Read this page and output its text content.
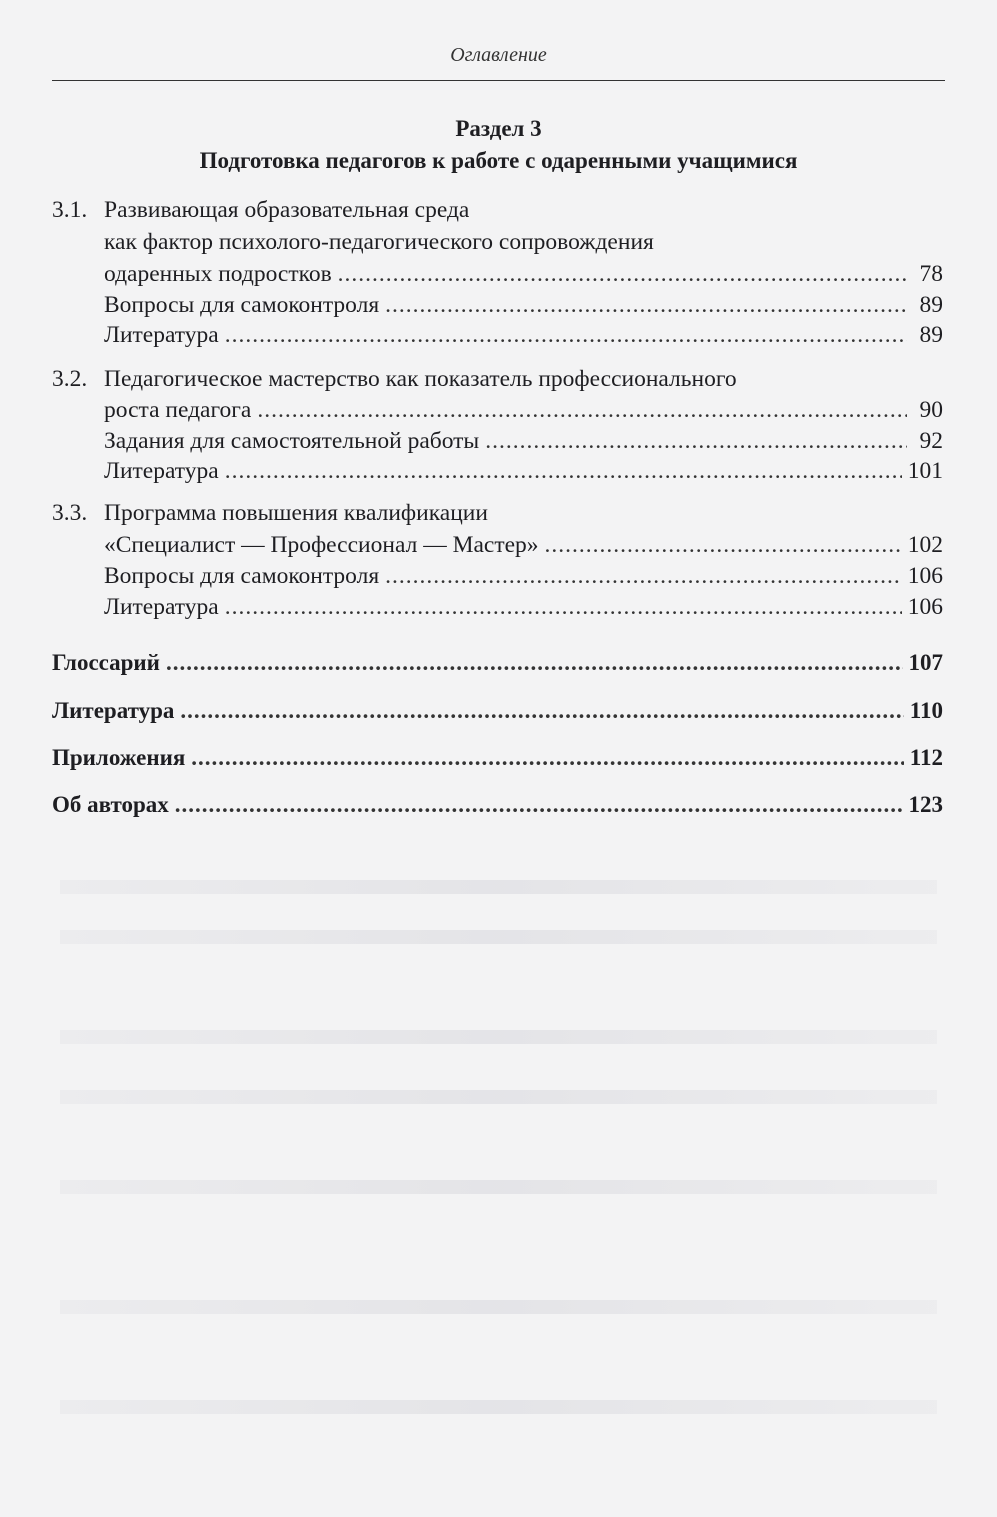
Оглавление
Раздел 3
Подготовка педагогов к работе с одаренными учащимися
3.1. Развивающая образовательная среда
как фактор психолого-педагогического сопровождения
одаренных подростков .....	78
Вопросы для самоконтроля .....	89
Литература .....	89
3.2. Педагогическое мастерство как показатель профессионального
роста педагога .....	90
Задания для самостоятельной работы .....	92
Литература .....	101
3.3. Программа повышения квалификации
«Специалист — Профессионал — Мастер» .....	102
Вопросы для самоконтроля .....	106
Литература .....	106
Глоссарий .....	107
Литература .....	110
Приложения .....	112
Об авторах .....	123
